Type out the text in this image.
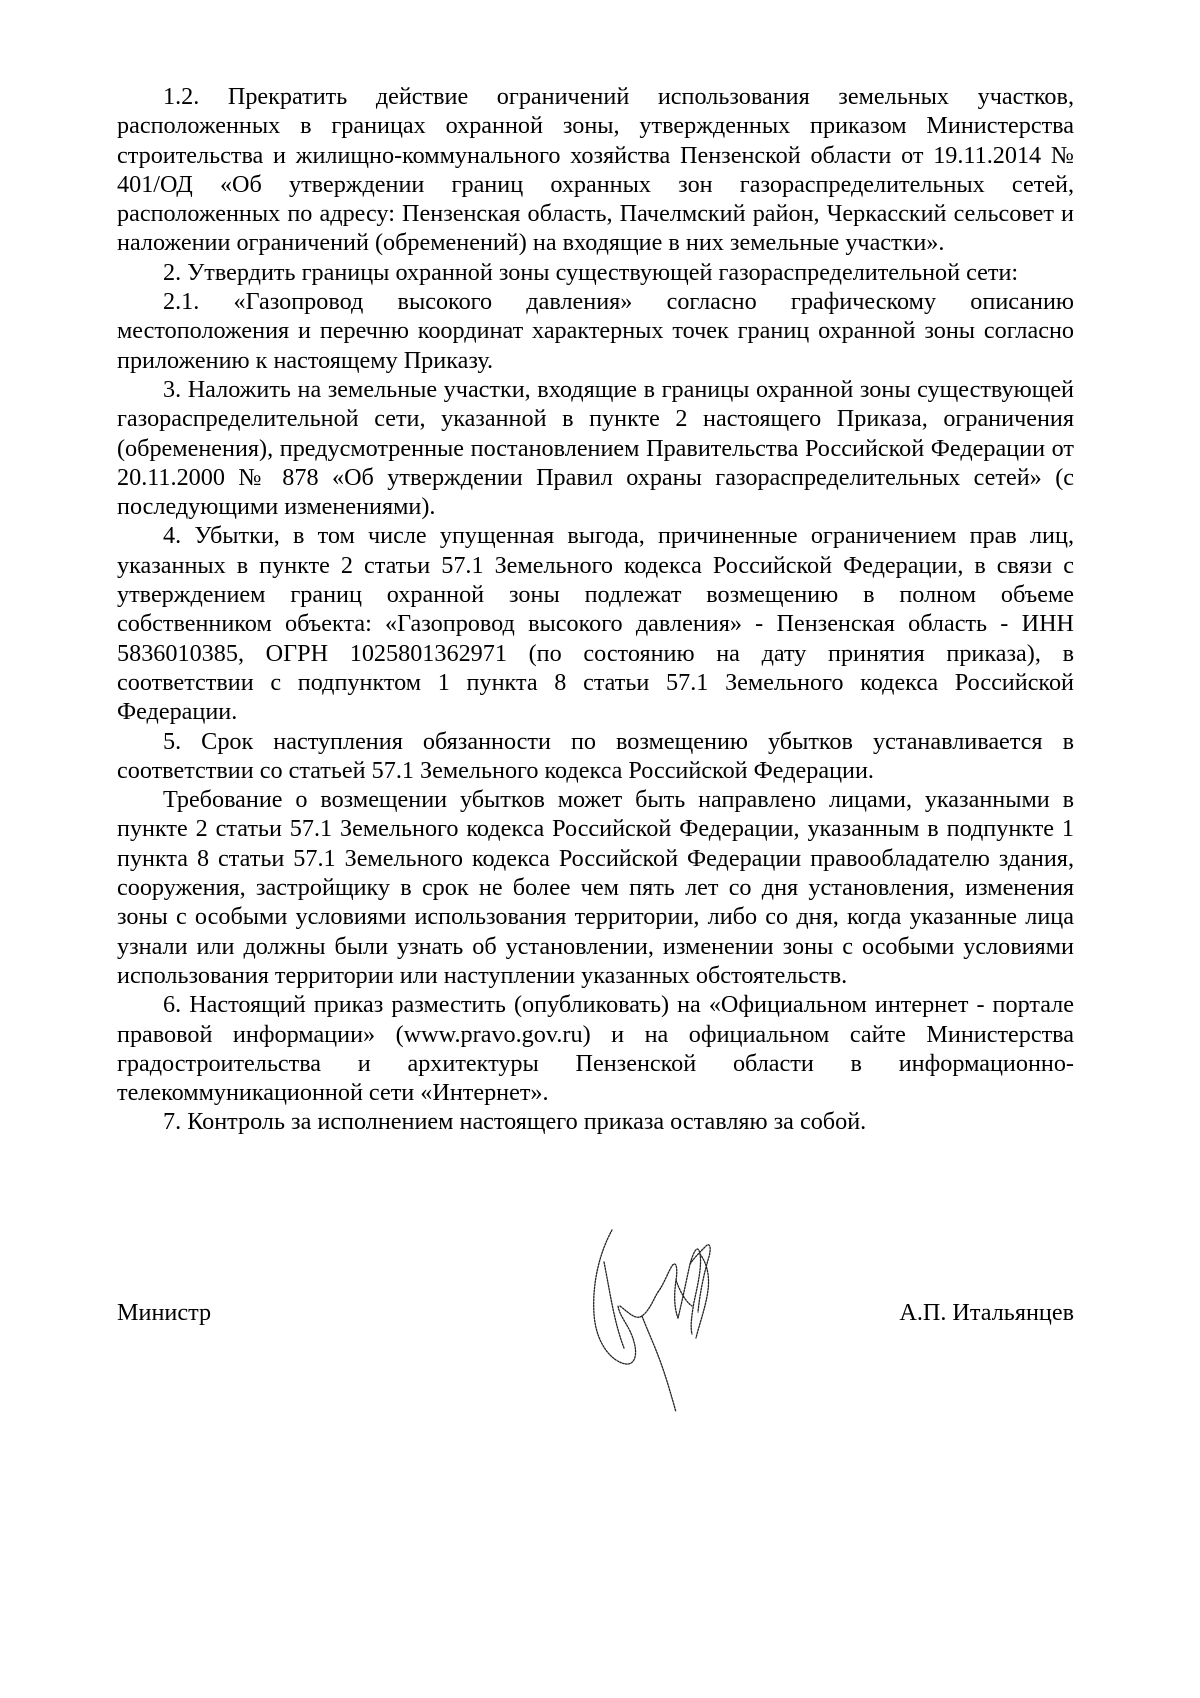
1.2. Прекратить действие ограничений использования земельных участков, расположенных в границах охранной зоны, утвержденных приказом Министерства строительства и жилищно-коммунального хозяйства Пензенской области от 19.11.2014 № 401/ОД «Об утверждении границ охранных зон газораспределительных сетей, расположенных по адресу: Пензенская область, Пачелмский район, Черкасский сельсовет и наложении ограничений (обременений) на входящие в них земельные участки».

2. Утвердить границы охранной зоны существующей газораспределительной сети:

2.1. «Газопровод высокого давления» согласно графическому описанию местоположения и перечню координат характерных точек границ охранной зоны согласно приложению к настоящему Приказу.

3. Наложить на земельные участки, входящие в границы охранной зоны существующей газораспределительной сети, указанной в пункте 2 настоящего Приказа, ограничения (обременения), предусмотренные постановлением Правительства Российской Федерации от 20.11.2000 № 878 «Об утверждении Правил охраны газораспределительных сетей» (с последующими изменениями).

4. Убытки, в том числе упущенная выгода, причиненные ограничением прав лиц, указанных в пункте 2 статьи 57.1 Земельного кодекса Российской Федерации, в связи с утверждением границ охранной зоны подлежат возмещению в полном объеме собственником объекта: «Газопровод высокого давления» - Пензенская область - ИНН 5836010385, ОГРН 1025801362971 (по состоянию на дату принятия приказа), в соответствии с подпунктом 1 пункта 8 статьи 57.1 Земельного кодекса Российской Федерации.

5. Срок наступления обязанности по возмещению убытков устанавливается в соответствии со статьей 57.1 Земельного кодекса Российской Федерации.

Требование о возмещении убытков может быть направлено лицами, указанными в пункте 2 статьи 57.1 Земельного кодекса Российской Федерации, указанным в подпункте 1 пункта 8 статьи 57.1 Земельного кодекса Российской Федерации правообладателю здания, сооружения, застройщику в срок не более чем пять лет со дня установления, изменения зоны с особыми условиями использования территории, либо со дня, когда указанные лица узнали или должны были узнать об установлении, изменении зоны с особыми условиями использования территории или наступлении указанных обстоятельств.

6. Настоящий приказ разместить (опубликовать) на «Официальном интернет - портале правовой информации» (www.pravo.gov.ru) и на официальном сайте Министерства градостроительства и архитектуры Пензенской области в информационно-телекоммуникационной сети «Интернет».

7. Контроль за исполнением настоящего приказа оставляю за собой.

Министр	А.П. Итальянцев
